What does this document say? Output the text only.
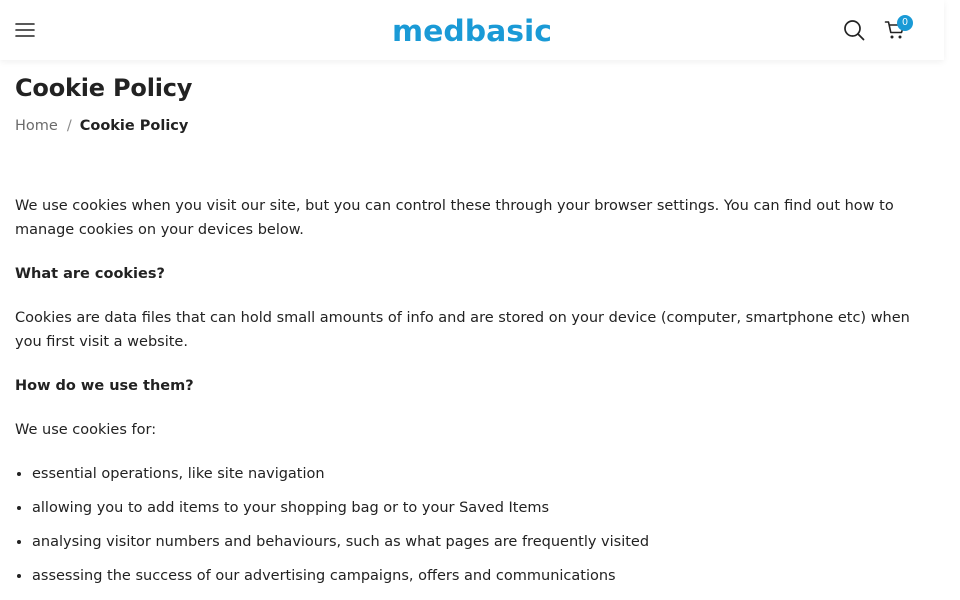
medbasic	0
Cookie Policy
Home / Cookie Policy

We use cookies when you visit our site, but you can control these through your browser settings. You can find out how to manage cookies on your devices below.

What are cookies?

Cookies are data files that can hold small amounts of info and are stored on your device (computer, smartphone etc) when you first visit a website.

How do we use them?

We use cookies for:

• essential operations, like site navigation
• allowing you to add items to your shopping bag or to your Saved Items
• analysing visitor numbers and behaviours, such as what pages are frequently visited
• assessing the success of our advertising campaigns, offers and communications
